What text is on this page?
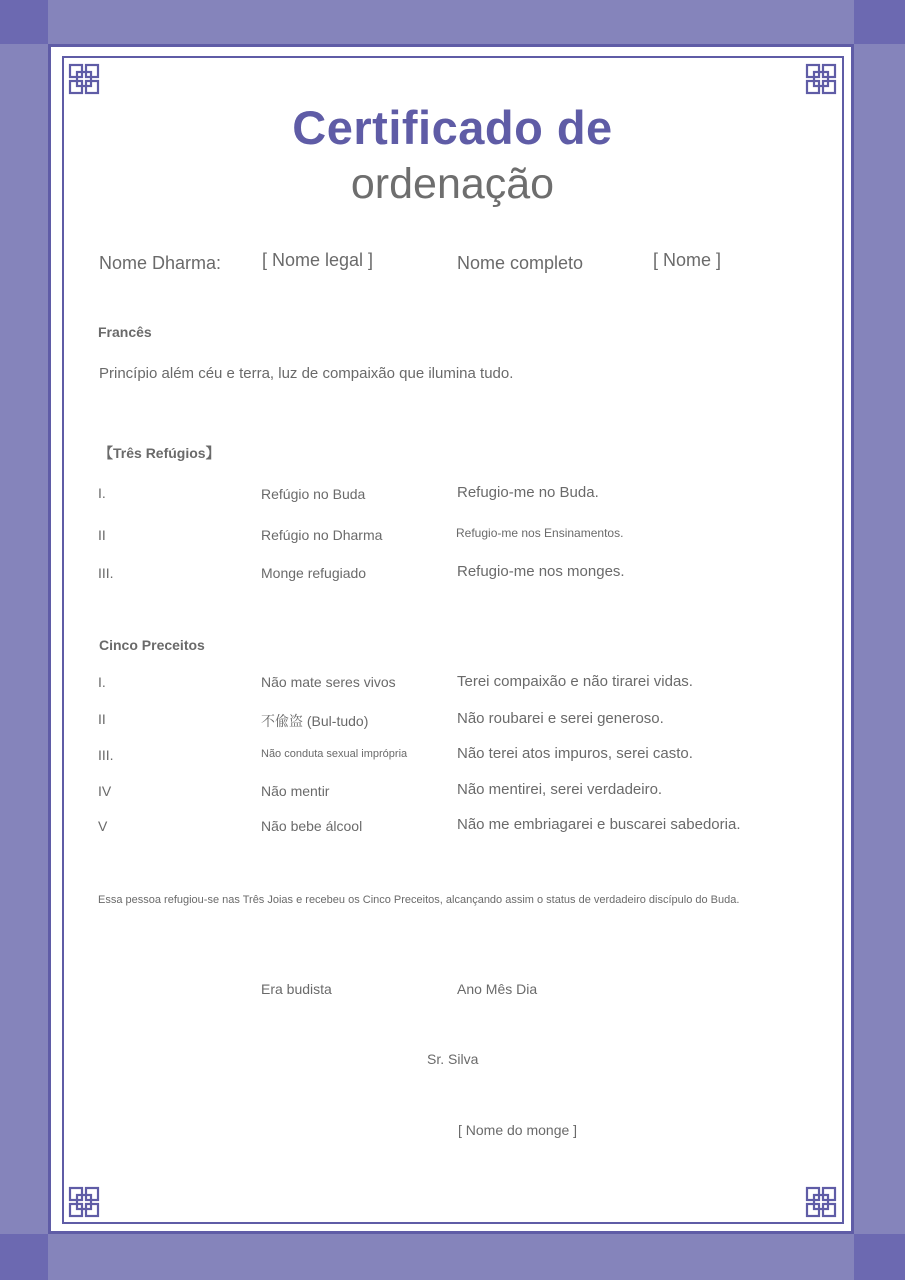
Certificado de
ordenação
Nome Dharma: [ Nome legal ]	Nome completo	[ Nome ]
Francês
Princípio além céu e terra, luz de compaixão que ilumina tudo.
【Três Refúgios】
I.	Refúgio no Buda	Refugio-me no Buda.
II	Refúgio no Dharma	Refugio-me nos Ensinamentos.
III.	Monge refugiado	Refugio-me nos monges.
Cinco Preceitos
I.	Não mate seres vivos	Terei compaixão e não tirarei vidas.
II	不偸盗 (Bul-tudo)	Não roubarei e serei generoso.
III.	Não conduta sexual imprópria	Não terei atos impuros, serei casto.
IV	Não mentir	Não mentirei, serei verdadeiro.
V	Não bebe álcool	Não me embriagarei e buscarei sabedoria.
Essa pessoa refugiou-se nas Três Joias e recebeu os Cinco Preceitos, alcançando assim o status de verdadeiro discípulo do Buda.
Era budista	Ano Mês Dia
Sr. Silva
[ Nome do monge ]
